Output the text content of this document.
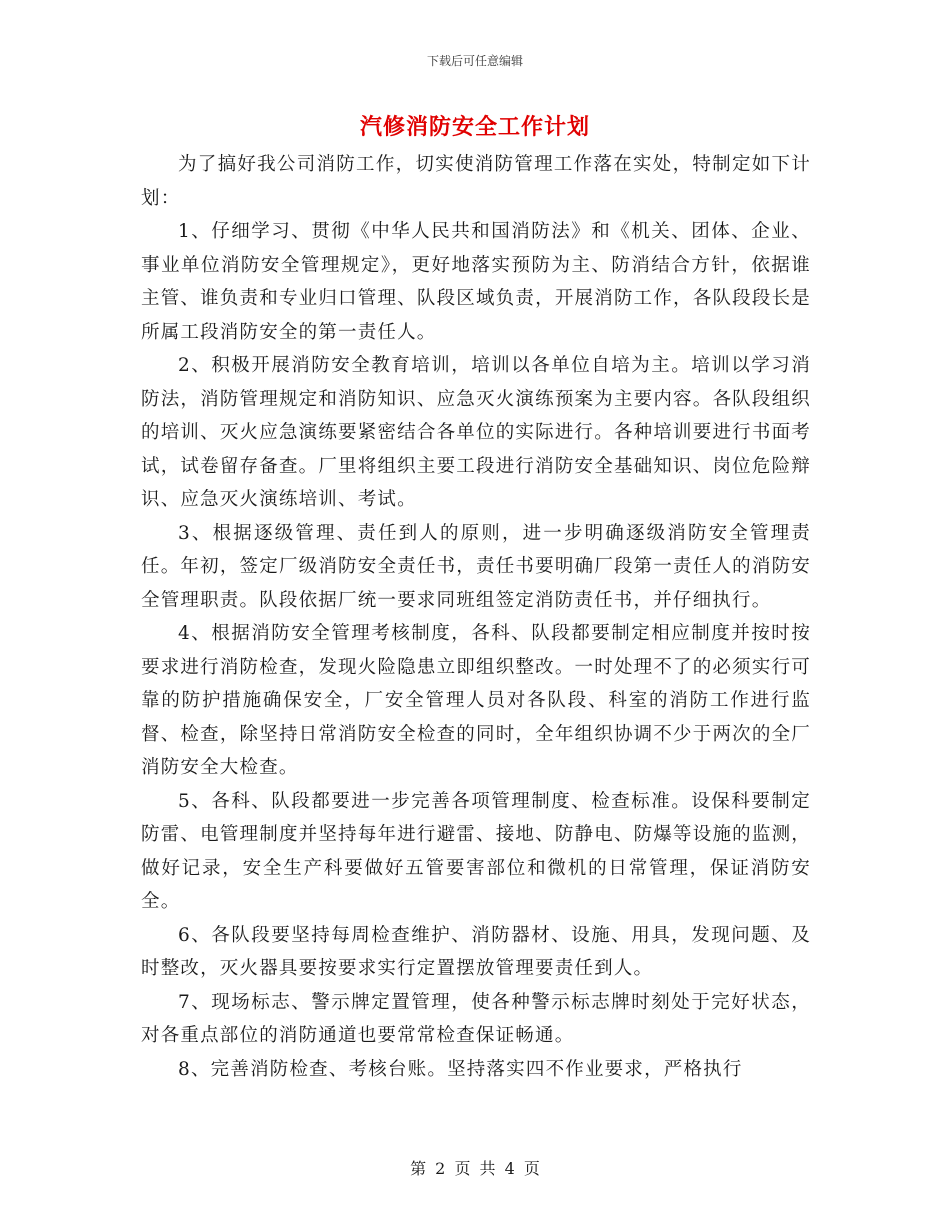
下载后可任意编辑
汽修消防安全工作计划

为了搞好我公司消防工作，切实使消防管理工作落在实处，特制定如下计划：

1、仔细学习、贯彻《中华人民共和国消防法》和《机关、团体、企业、事业单位消防安全管理规定》，更好地落实预防为主、防消结合方针，依据谁主管、谁负责和专业归口管理、队段区域负责，开展消防工作，各队段段长是所属工段消防安全的第一责任人。

2、积极开展消防安全教育培训，培训以各单位自培为主。培训以学习消防法，消防管理规定和消防知识、应急灭火演练预案为主要内容。各队段组织的培训、灭火应急演练要紧密结合各单位的实际进行。各种培训要进行书面考试，试卷留存备查。厂里将组织主要工段进行消防安全基础知识、岗位危险辩识、应急灭火演练培训、考试。

3、根据逐级管理、责任到人的原则，进一步明确逐级消防安全管理责任。年初，签定厂级消防安全责任书，责任书要明确厂段第一责任人的消防安全管理职责。队段依据厂统一要求同班组签定消防责任书，并仔细执行。

4、根据消防安全管理考核制度，各科、队段都要制定相应制度并按时按要求进行消防检查，发现火险隐患立即组织整改。一时处理不了的必须实行可靠的防护措施确保安全，厂安全管理人员对各队段、科室的消防工作进行监督、检查，除坚持日常消防安全检查的同时，全年组织协调不少于两次的全厂消防安全大检查。

5、各科、队段都要进一步完善各项管理制度、检查标准。设保科要制定防雷、电管理制度并坚持每年进行避雷、接地、防静电、防爆等设施的监测，做好记录，安全生产科要做好五管要害部位和微机的日常管理，保证消防安全。

6、各队段要坚持每周检查维护、消防器材、设施、用具，发现问题、及时整改，灭火器具要按要求实行定置摆放管理要责任到人。

7、现场标志、警示牌定置管理，使各种警示标志牌时刻处于完好状态，对各重点部位的消防通道也要常常检查保证畅通。

8、完善消防检查、考核台账。坚持落实四不作业要求，严格执行

第 2 页 共 4 页
